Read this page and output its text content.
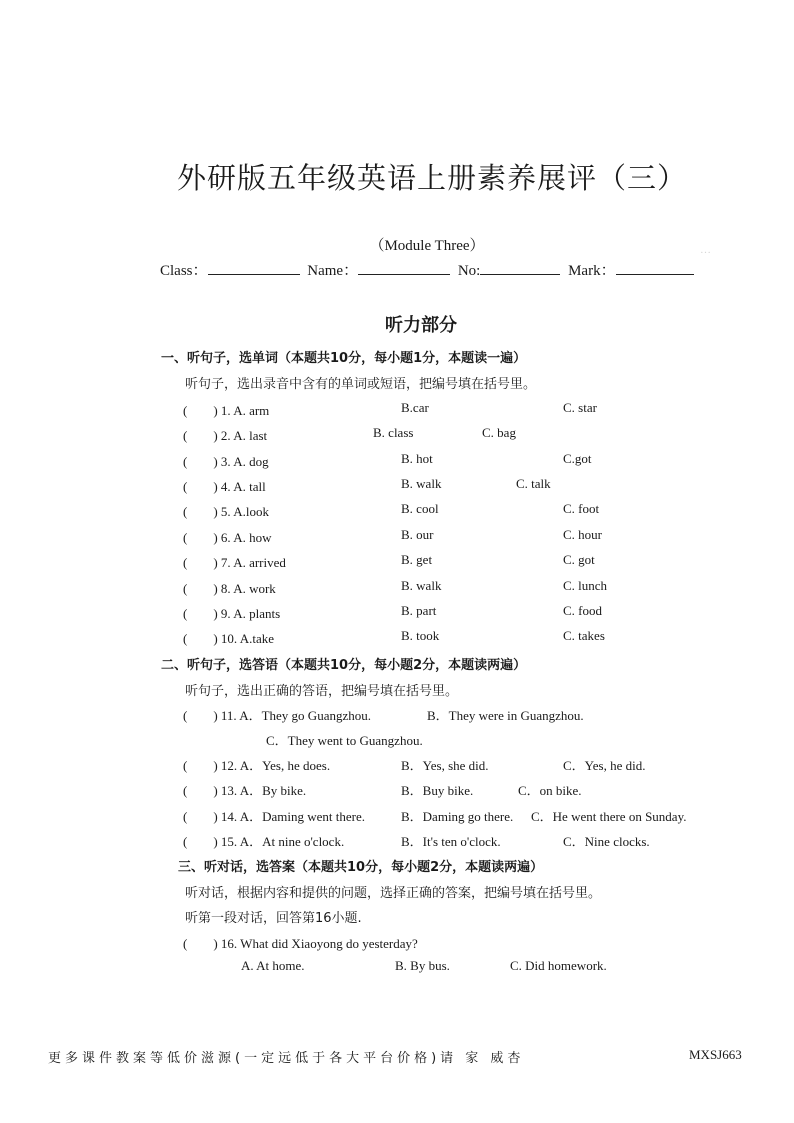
…
外研版五年级英语上册素养展评（三）
（Module Three）
Class：	Name：	No:	Mark：
听力部分
一、听句子，选单词（本题共10分，每小题1分，本题读一遍）
听句子，选出录音中含有的单词或短语，把编号填在括号里。
(　　) 1. A. arm	B.car	C. star
(　　) 2. A. last	B. class	C. bag
(　　) 3. A. dog	B. hot	C.got
(　　) 4. A. tall	B. walk	C. talk
(　　) 5. A.look	B. cool	C. foot
(　　) 6. A. how	B. our	C. hour
(　　) 7. A. arrived	B. get	C. got
(　　) 8. A. work	B. walk	C. lunch
(　　) 9. A. plants	B. part	C. food
(　　) 10. A.take	B. took	C. takes
二、听句子，选答语（本题共10分，每小题2分，本题读两遍）
听句子，选出正确的答语，把编号填在括号里。
(　　) 11. A．They go Guangzhou.	B．They were in Guangzhou.
C．They went to Guangzhou.
(　　) 12. A．Yes, he does.	B．Yes, she did.	C．Yes, he did.
(　　) 13. A．By bike.	B．Buy bike.	C．on bike.
(　　) 14. A．Daming went there.	B．Daming go there. C．He went there on Sunday.
(　　) 15. A．At nine o'clock.	B．It's ten o'clock.	C．Nine clocks.
三、听对话，选答案（本题共10分，每小题2分，本题读两遍）
听对话，根据内容和提供的问题，选择正确的答案，把编号填在括号里。
听第一段对话，回答第16小题.
(　　) 16. What did Xiaoyong do yesterday?
A. At home.	B. By bus.	C. Did homework.
更多课件教案等低价滋源(一定远低于各大平台价格)请 家 威杏	MXSJ663
